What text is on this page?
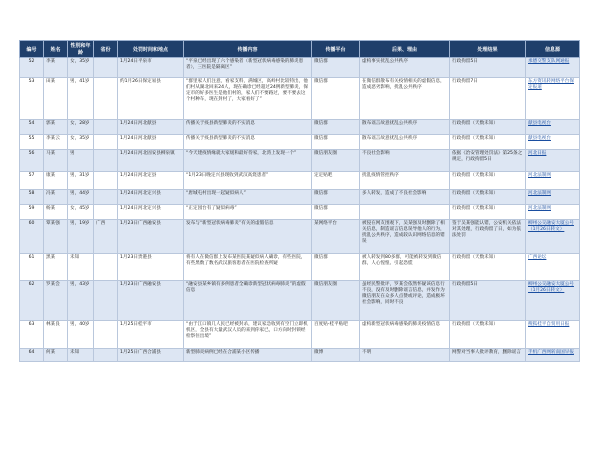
编号	姓名	性别和年龄	省份	处罚时间和地点	传播内容	传播平台	后果、理由	处理结果	信息源
52	李某	女，35岁		1月24日平泉市	“平泉已经出现了六个感染者（新型冠状病毒感染的肺炎患者），三医院是隔离区”	微信群	虚构事实扰乱公共秩序	行政拘留5日	承德交警支队网通报
53	田某	男，41岁		约1月26日保定易县	“群里家人们注意，看家支料，满城区，高岭村比较特出，他们村从湖北回来24人，现在确诊已经超过24例新型肺炎，保定市的好多医生是他们村的，家人们不要路过，要不要去这个村种车，现在封村了，大家看好了”	微信群	在微信群散布有关疫情相关的虚假信息，造成恶劣影响，扰乱公共秩序	行政拘留7日	东方资讯转网络平台保定报道
54	郭某	女，28岁		1月24日河北献县	传播关于疫县新型肺炎的不实消息	微信群	散布谣言故意扰乱公共秩序	行政拘留（天数未知）	献县电视台
55	李某云	女，35岁		1月24日河北献县	传播关于疫县新型肺炎的不实消息	微信群	散布谣言故意扰乱公共秩序	行政拘留（天数未知）	献县电视台
56	马某	男		1月24日河北固安县柳泉镇	“今天建疫情缘就大家缓和最好待家，北湾上发现一个”	微信朋友圈	不良社会影响	依据《治安管理处罚法》第25条之规定，行政拘留5日	河北日报
57	康某	男，31岁		1月24日河北定县	“1月23日晚定兴县现收到武汉高烧患者”	定定贴吧	扰乱疫情管控秩序	行政拘留（天数未知）	河北法制网
58	冯某	男，44岁		1月24日河北定兴县	“唐城屯村出现一起疑似病人”	微信群	多人转发，造成了不良社会影响	行政拘留（天数未知）	河北法制网
59	杨某	女，45岁		1月24日河北定兴县	“正定园台有了疑似病毒”	微信群		行政拘留（天数未知）	河北法制网
60	覃某强	男，19岁	广西	1月23日广西融安县	发布与“新型冠状病毒肺炎”有关的虚假信息	某网络平台	被侵在网友围观下，吴某强及时删除了相关信息，制造谣言信息误导他人的行为，扰乱公共秩序，造成较认识网络信息的错误	签于吴某强能认错，公安机关依法对其处理，行政拘留了日，如为依法处罚	柳州公交融安大厦公号（1月26日转文）
61	黑某	未知		1月23日贵港县	将有人在微信群上发布某医院某疑似病人确诊，有些医院，有些黑数了数名武汉旅客患者在医院检查所疑	微信群	被人转发到80多群，可能被转发到微信群，人心惶惶、引起恐慌	行政拘留（天数未知）	广西论坛
62	罗某会	男，43岁		1月23日广西融安县	“融安县某乡镇有多例患者全确诊新型冠状病毒肺炎”的虚假信息	微信朋友圈	虽经民警批评，罗某会依然怀疑该信息行不良，没有及时删除谣言信息，并发作为微信朋友在众多人点赞或评论，造成极坏社会影响，同时不良	行政拘留5日	柳州公交融安大厦公号（1月26日转文）
63	林某良	男，40岁		1月25日桂平市	“由于江口镇几人民已经被封杀，建议家急收到有空门立即机机区，全县有大量武汉人员的来到你家已，口方向时封锁经检察住出境”	百度贴-桂平贴吧	虚构新型冠状病毒感染的肺炎疫情信息	行政拘留（天数未知）	搜狐桂平自贸用日报
64	何某	未知		1月25日广西合浦县	新型肺炎病例已经在合浦某小区传播	微博	不明	网警对当事人批评教育，删除谣言	手机广西网转南国早报
